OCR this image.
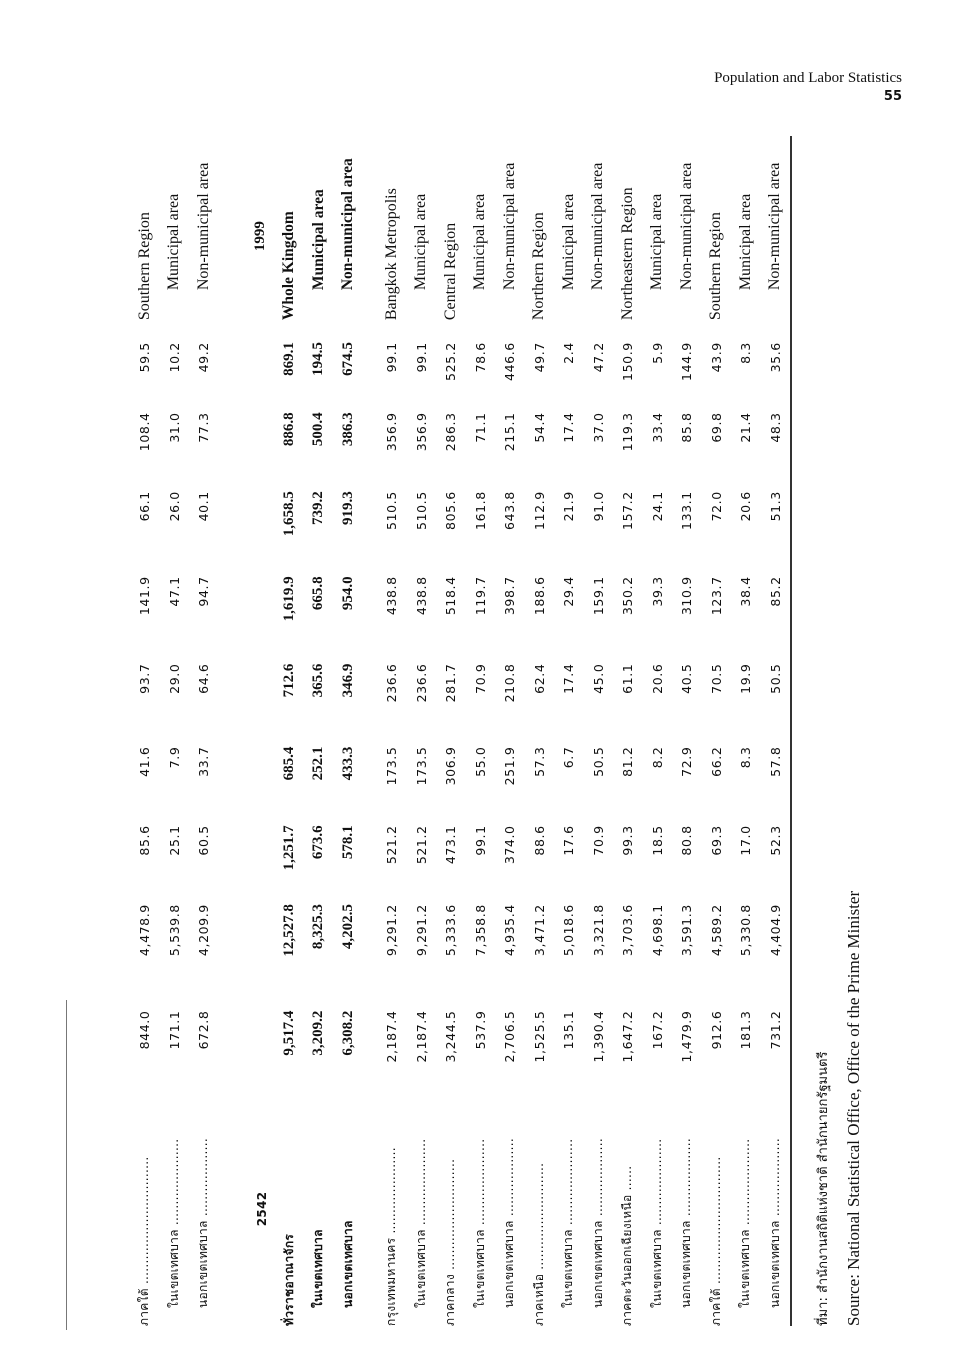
Population and Labor Statistics
55
ภาคใต้ ...............................	844.0	4,478.9	85.6	41.6	93.7	141.9	66.1	108.4	59.5	Southern Region
ในเขตเทศบาล .....................	171.1	5,539.8	25.1	7.9	29.0	47.1	26.0	31.0	10.2	Municipal area
นอกเขตเทศบาล ...................	672.8	4,209.9	60.5	33.7	64.6	94.7	40.1	77.3	49.2	Non-municipal area
2542										1999
ทั่วราชอาณาจักร	9,517.4	12,527.8	1,251.7	685.4	712.6	1,619.9	1,658.5	886.8	869.1	Whole Kingdom
ในเขตเทศบาล	3,209.2	8,325.3	673.6	252.1	365.6	665.8	739.2	500.4	194.5	Municipal area
นอกเขตเทศบาล	6,308.2	4,202.5	578.1	433.3	346.9	954.0	919.3	386.3	674.5	Non-municipal area

กรุงเทพมหานคร .....................	2,187.4	9,291.2	521.2	173.5	236.6	438.8	510.5	356.9	99.1	Bangkok Metropolis
ในเขตเทศบาล .....................	2,187.4	9,291.2	521.2	173.5	236.6	438.8	510.5	356.9	99.1	Municipal area
ภาคกลาง ...........................	3,244.5	5,333.6	473.1	306.9	281.7	518.4	805.6	286.3	525.2	Central Region
ในเขตเทศบาล .....................	537.9	7,358.8	99.1	55.0	70.9	119.7	161.8	71.1	78.6	Municipal area
นอกเขตเทศบาล ...................	2,706.5	4,935.4	374.0	251.9	210.8	398.7	643.8	215.1	446.6	Non-municipal area
ภาคเหนือ ..........................	1,525.5	3,471.2	88.6	57.3	62.4	188.6	112.9	54.4	49.7	Northern Region
ในเขตเทศบาล .....................	135.1	5,018.6	17.6	6.7	17.4	29.4	21.9	17.4	2.4	Municipal area
นอกเขตเทศบาล ...................	1,390.4	3,321.8	70.9	50.5	45.0	159.1	91.0	37.0	47.2	Non-municipal area
ภาคตะวันออกเฉียงเหนือ ......	1,647.2	3,703.6	99.3	81.2	61.1	350.2	157.2	119.3	150.9	Northeastern Region
ในเขตเทศบาล .....................	167.2	4,698.1	18.5	8.2	20.6	39.3	24.1	33.4	5.9	Municipal area
นอกเขตเทศบาล ...................	1,479.9	3,591.3	80.8	72.9	40.5	310.9	133.1	85.8	144.9	Non-municipal area
ภาคใต้ ...............................	912.6	4,589.2	69.3	66.2	70.5	123.7	72.0	69.8	43.9	Southern Region
ในเขตเทศบาล .....................	181.3	5,330.8	17.0	8.3	19.9	38.4	20.6	21.4	8.3	Municipal area
นอกเขตเทศบาล ...................	731.2	4,404.9	52.3	57.8	50.5	85.2	51.3	48.3	35.6	Non-municipal area

ที่มา: สำนักงานสถิติแห่งชาติ สำนักนายกรัฐมนตรี Source: National Statistical Office, Office of the Prime Minister
